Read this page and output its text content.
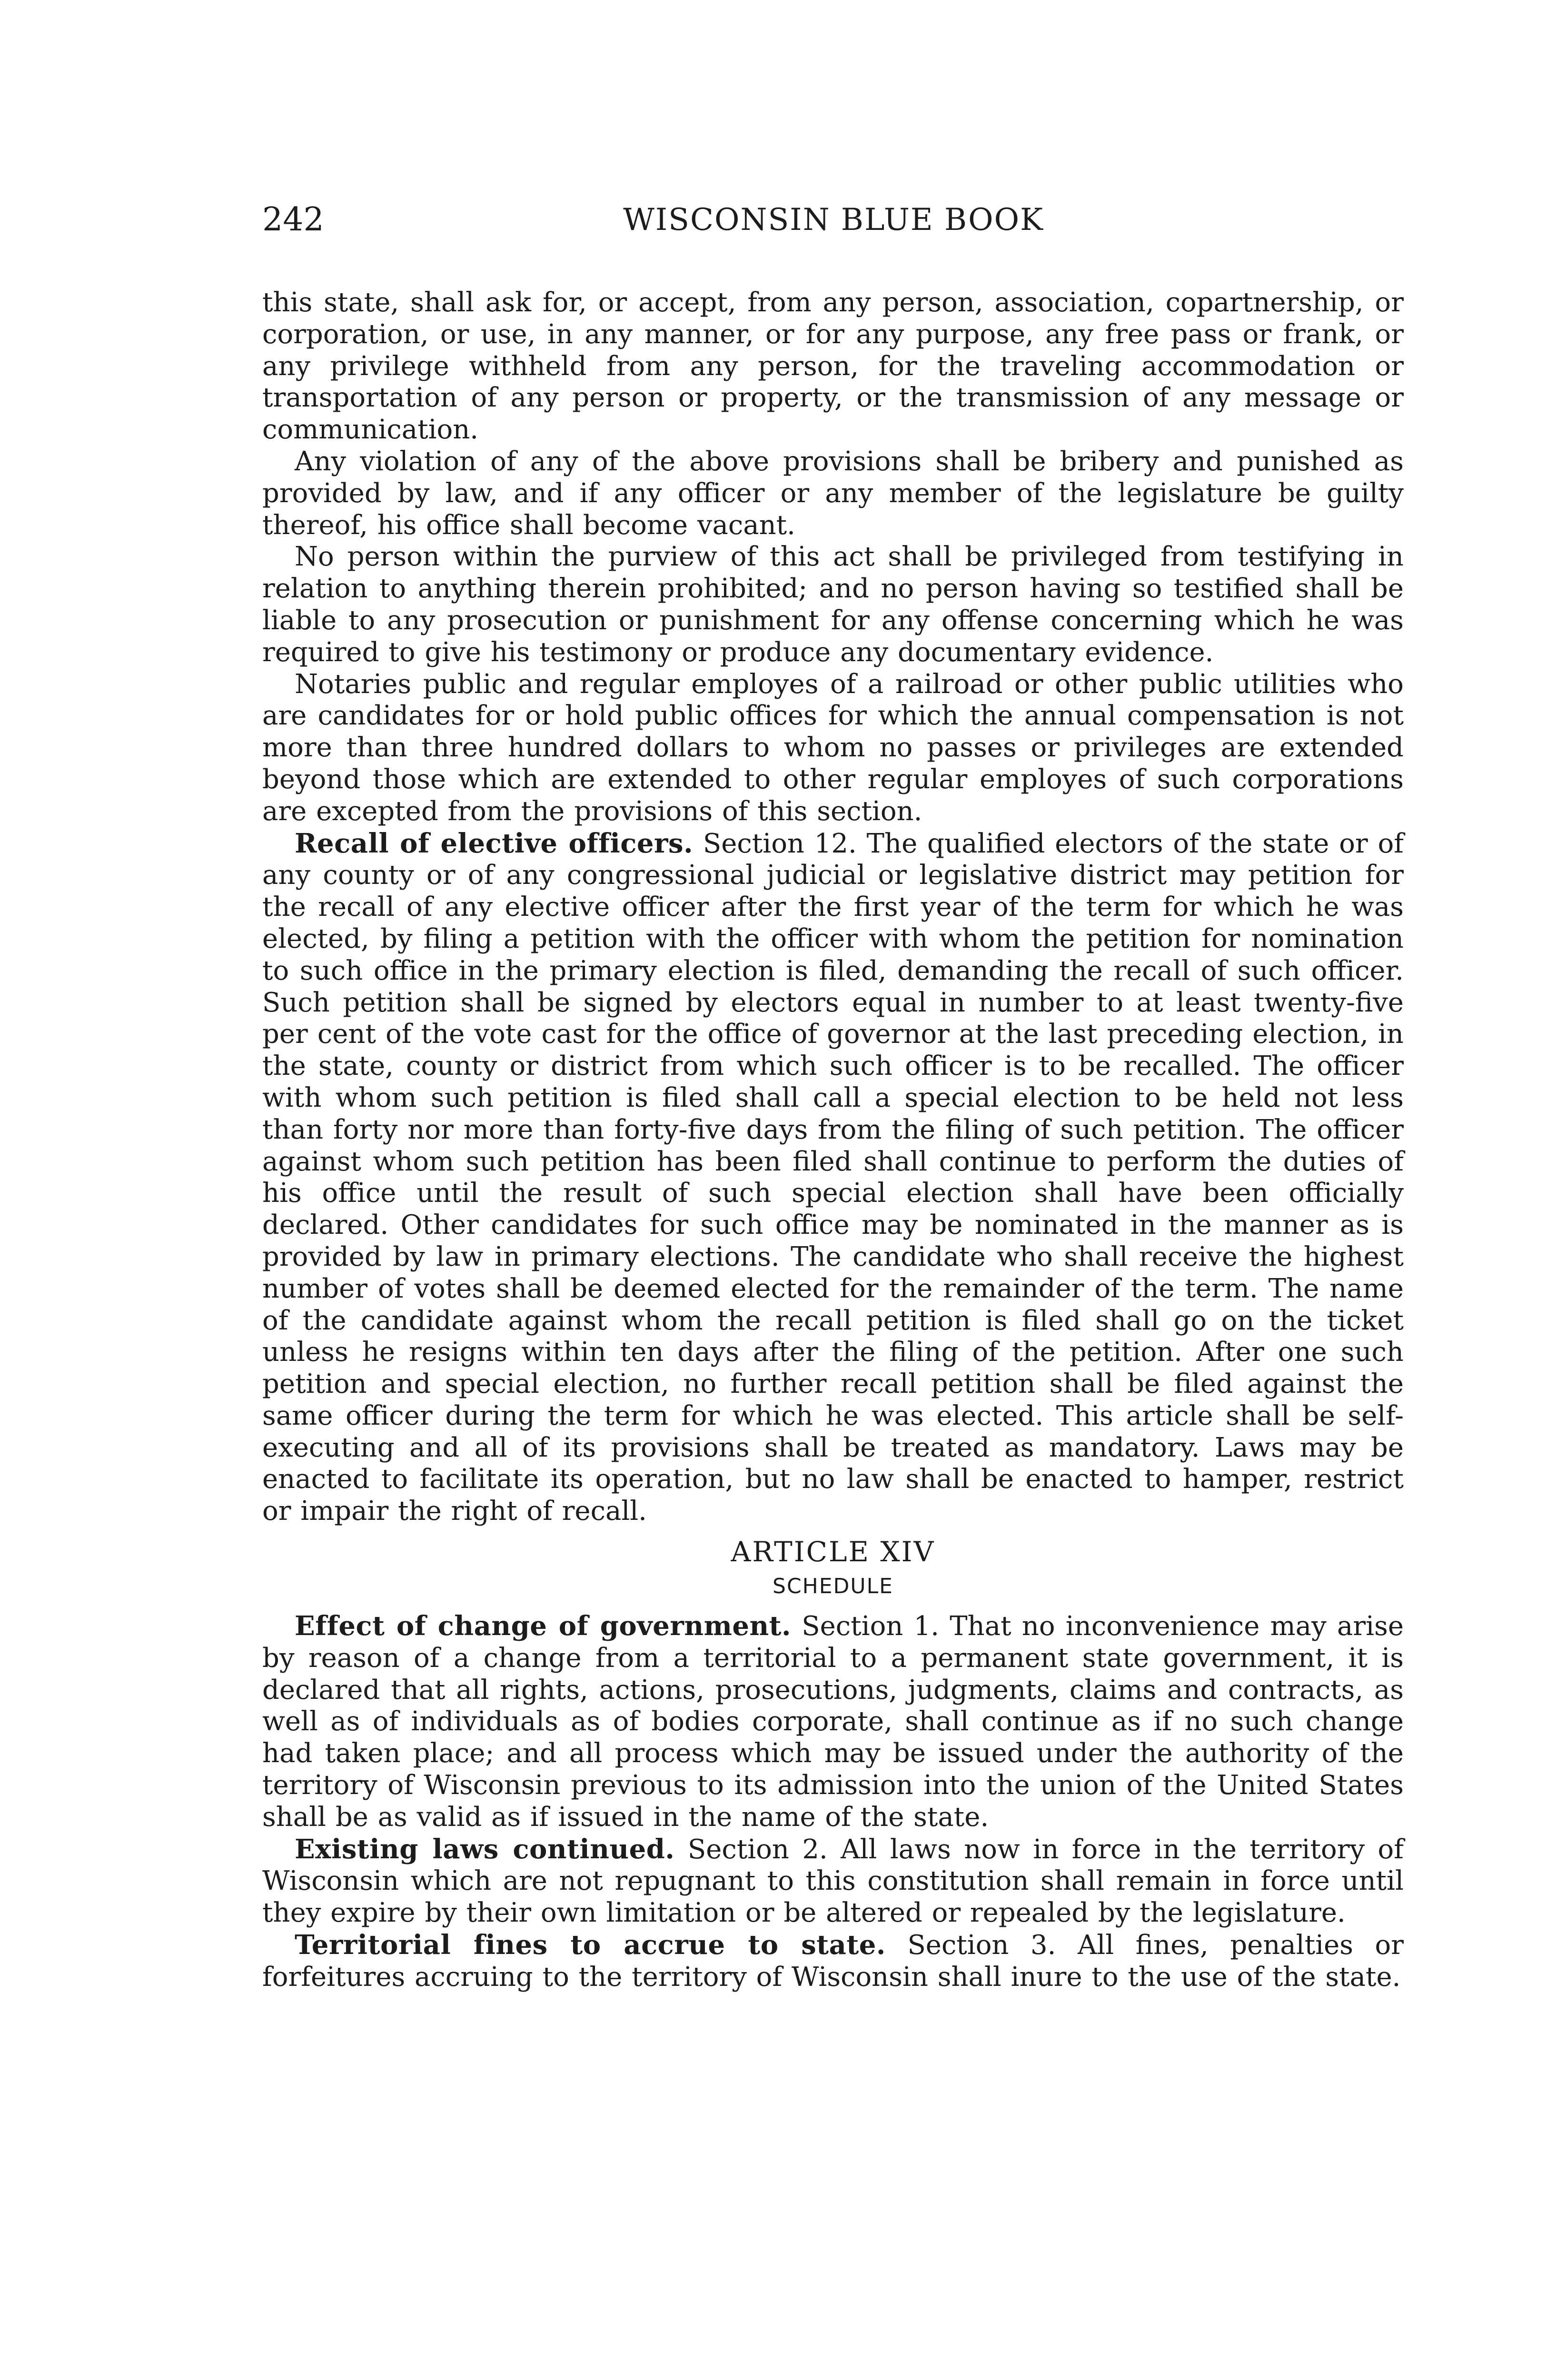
242	WISCONSIN BLUE BOOK

this state, shall ask for, or accept, from any person, association, copartnership, or corporation, or use, in any manner, or for any purpose, any free pass or frank, or any privilege withheld from any person, for the traveling accommodation or transportation of any person or property, or the transmission of any message or communication.

Any violation of any of the above provisions shall be bribery and punished as provided by law, and if any officer or any member of the legislature be guilty thereof, his office shall become vacant.

No person within the purview of this act shall be privileged from testifying in relation to anything therein prohibited; and no person having so testified shall be liable to any prosecution or punishment for any offense concerning which he was required to give his testimony or produce any documentary evidence.

Notaries public and regular employes of a railroad or other public utilities who are candidates for or hold public offices for which the annual compensation is not more than three hundred dollars to whom no passes or privileges are extended beyond those which are extended to other regular employes of such corporations are excepted from the provisions of this section.

Recall of elective officers. Section 12. The qualified electors of the state or of any county or of any congressional judicial or legislative district may petition for the recall of any elective officer after the first year of the term for which he was elected, by filing a petition with the officer with whom the petition for nomination to such office in the primary election is filed, demanding the recall of such officer. Such petition shall be signed by electors equal in number to at least twenty-five per cent of the vote cast for the office of governor at the last preceding election, in the state, county or district from which such officer is to be recalled. The officer with whom such petition is filed shall call a special election to be held not less than forty nor more than forty-five days from the filing of such petition. The officer against whom such petition has been filed shall continue to perform the duties of his office until the result of such special election shall have been officially declared. Other candidates for such office may be nominated in the manner as is provided by law in primary elections. The candidate who shall receive the highest number of votes shall be deemed elected for the remainder of the term. The name of the candidate against whom the recall petition is filed shall go on the ticket unless he resigns within ten days after the filing of the petition. After one such petition and special election, no further recall petition shall be filed against the same officer during the term for which he was elected. This article shall be self-executing and all of its provisions shall be treated as mandatory. Laws may be enacted to facilitate its operation, but no law shall be enacted to hamper, restrict or impair the right of recall.

ARTICLE XIV

SCHEDULE

Effect of change of government. Section 1. That no inconvenience may arise by reason of a change from a territorial to a permanent state government, it is declared that all rights, actions, prosecutions, judgments, claims and contracts, as well as of individuals as of bodies corporate, shall continue as if no such change had taken place; and all process which may be issued under the authority of the territory of Wisconsin previous to its admission into the union of the United States shall be as valid as if issued in the name of the state.

Existing laws continued. Section 2. All laws now in force in the territory of Wisconsin which are not repugnant to this constitution shall remain in force until they expire by their own limitation or be altered or repealed by the legislature.

Territorial fines to accrue to state. Section 3. All fines, penalties or forfeitures accruing to the territory of Wisconsin shall inure to the use of the state.
